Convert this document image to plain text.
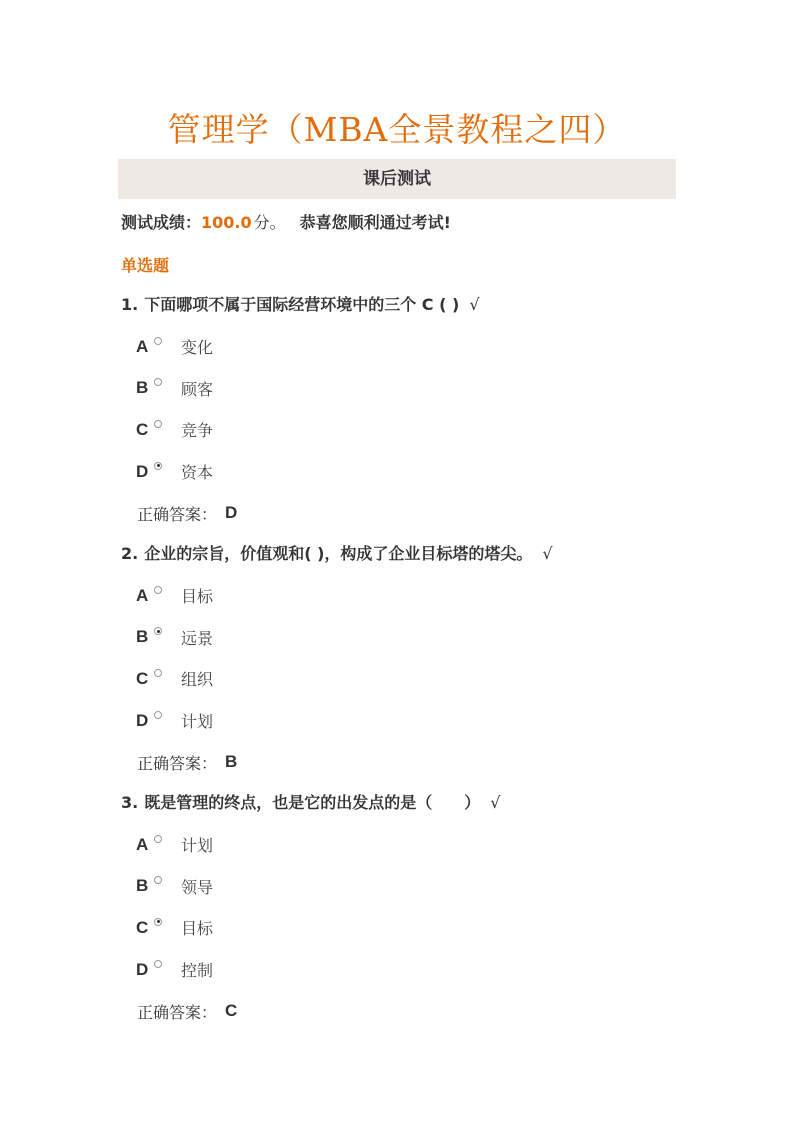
管理学（MBA全景教程之四）
课后测试
测试成绩：100.0 分。 恭喜您顺利通过考试!
单选题
1. 下面哪项不属于国际经营环境中的三个 C ( ) √
A 变化
B 顾客
C 竞争
D 资本
正确答案： D
2. 企业的宗旨，价值观和( )，构成了企业目标塔的塔尖。 √
A 目标
B 远景
C 组织
D 计划
正确答案： B
3. 既是管理的终点，也是它的出发点的是（　　） √
A 计划
B 领导
C 目标
D 控制
正确答案： C
